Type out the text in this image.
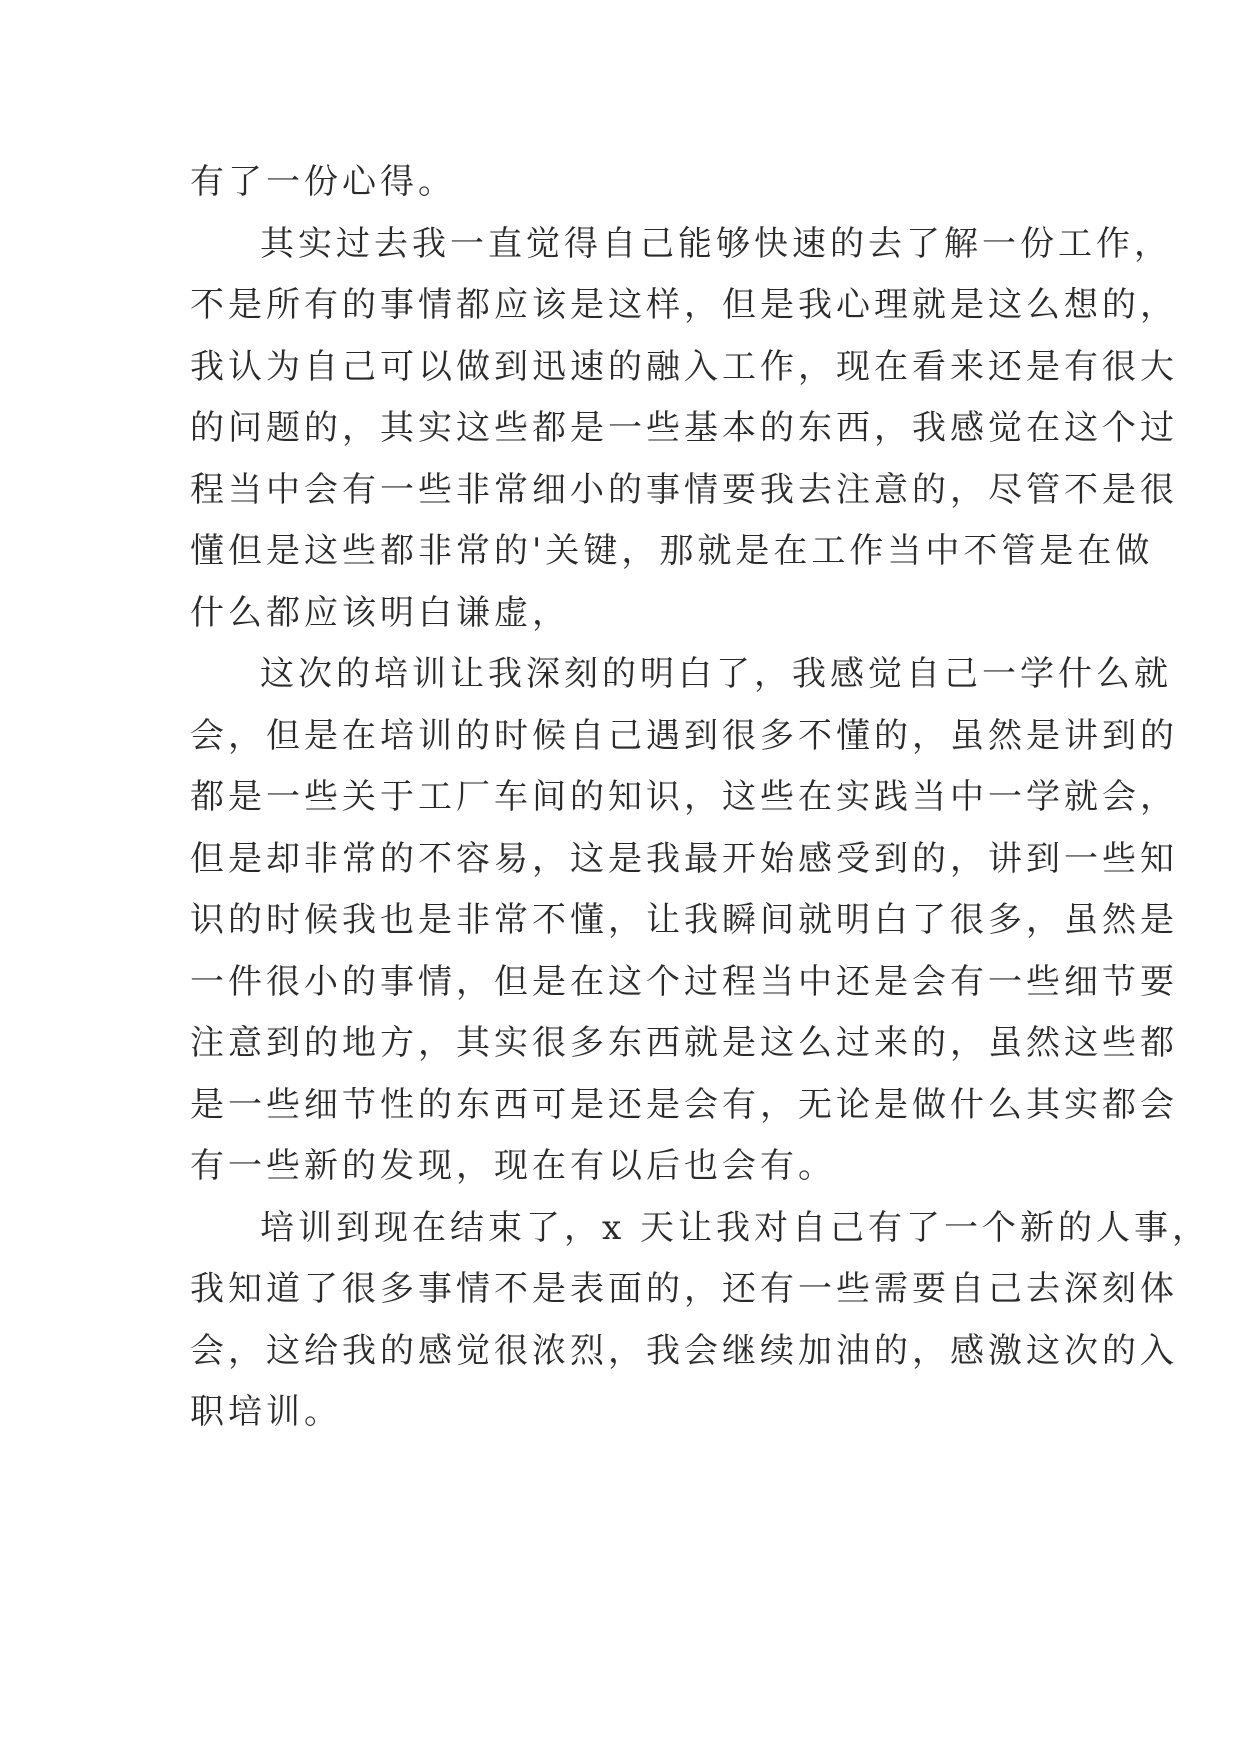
有了一份心得。
其实过去我一直觉得自己能够快速的去了解一份工作，
不是所有的事情都应该是这样，但是我心理就是这么想的，
我认为自己可以做到迅速的融入工作，现在看来还是有很大
的问题的，其实这些都是一些基本的东西，我感觉在这个过
程当中会有一些非常细小的事情要我去注意的，尽管不是很
懂但是这些都非常的'关键，那就是在工作当中不管是在做
什么都应该明白谦虚，
这次的培训让我深刻的明白了，我感觉自己一学什么就
会，但是在培训的时候自己遇到很多不懂的，虽然是讲到的
都是一些关于工厂车间的知识，这些在实践当中一学就会，
但是却非常的不容易，这是我最开始感受到的，讲到一些知
识的时候我也是非常不懂，让我瞬间就明白了很多，虽然是
一件很小的事情，但是在这个过程当中还是会有一些细节要
注意到的地方，其实很多东西就是这么过来的，虽然这些都
是一些细节性的东西可是还是会有，无论是做什么其实都会
有一些新的发现，现在有以后也会有。
培训到现在结束了，x 天让我对自己有了一个新的人事，
我知道了很多事情不是表面的，还有一些需要自己去深刻体
会，这给我的感觉很浓烈，我会继续加油的，感激这次的入
职培训。
